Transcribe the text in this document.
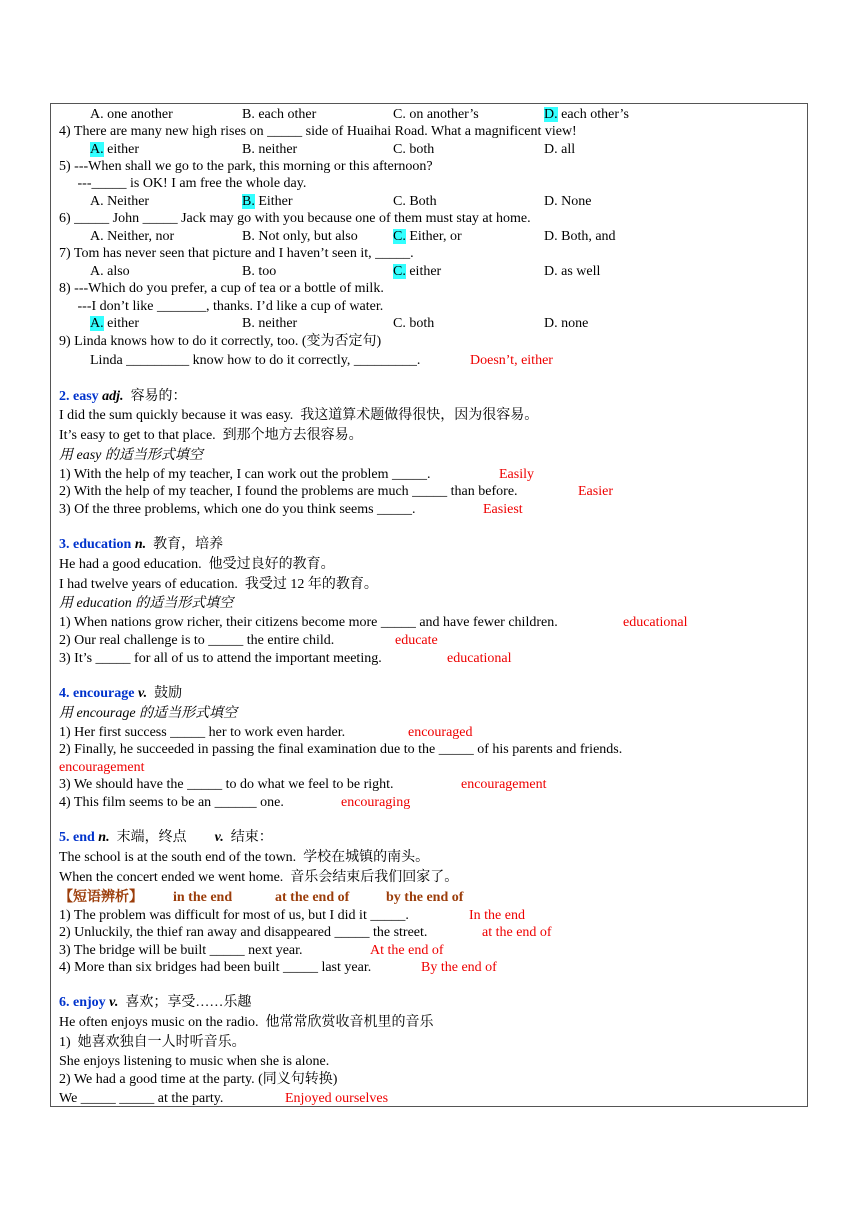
A. one another	B. each other	C. on another’s	D. each other’s
4) There are many new high rises on _____ side of Huaihai Road. What a magnificent view!
A. either	B. neither	C. both	D. all
5) ---When shall we go to the park, this morning or this afternoon?
---_____ is OK! I am free the whole day.
A. Neither	B. Either	C. Both	D. None
6) _____ John _____ Jack may go with you because one of them must stay at home.
A. Neither, nor	B. Not only, but also	C. Either, or	D. Both, and
7) Tom has never seen that picture and I haven’t seen it, _____.
A. also	B. too	C. either	D. as well
8) ---Which do you prefer, a cup of tea or a bottle of milk.
---I don’t like _______, thanks. I’d like a cup of water.
A. either	B. neither	C. both	D. none
9) Linda knows how to do it correctly, too. (变为否定句)
Linda _________ know how to do it correctly, _________.	Doesn’t, either
2. easy adj.  容易的：
I did the sum quickly because it was easy.  我这道算术题做得很快，因为很容易。
It’s easy to get to that place.  到那个地方去很容易。
用 easy 的适当形式填空
1) With the help of my teacher, I can work out the problem _____.	Easily
2) With the help of my teacher, I found the problems are much _____ than before.	Easier
3) Of the three problems, which one do you think seems _____.	Easiest
3. education n.  教育，培养
He had a good education.  他受过良好的教育。
I had twelve years of education.  我受过 12 年的教育。
用 education 的适当形式填空
1) When nations grow richer, their citizens become more _____ and have fewer children.	educational
2) Our real challenge is to _____ the entire child.	educate
3) It’s _____ for all of us to attend the important meeting.	educational
4. encourage v.  鼓励
用 encourage 的适当形式填空
1) Her first success _____ her to work even harder.	encouraged
2) Finally, he succeeded in passing the final examination due to the _____ of his parents and friends.
encouragement
3) We should have the _____ to do what we feel to be right.	encouragement
4) This film seems to be an ______ one.	encouraging
5. end n.  末端，终点 v.  结束：
The school is at the south end of the town.  学校在城镇的南头。
When the concert ended we went home.  音乐会结束后我们回家了。
【短语辨析】 in the end	at the end of	by the end of
1) The problem was difficult for most of us, but I did it _____.	In the end
2) Unluckily, the thief ran away and disappeared _____ the street.	at the end of
3) The bridge will be built _____ next year.	At the end of
4) More than six bridges had been built _____ last year.	By the end of
6. enjoy v.  喜欢；享受……乐趣
He often enjoys music on the radio.  他常常欣赏收音机里的音乐
1)  她喜欢独自一人时听音乐。
She enjoys listening to music when she is alone.
2) We had a good time at the party. (同义句转换)
We _____ _____ at the party.	Enjoyed ourselves
